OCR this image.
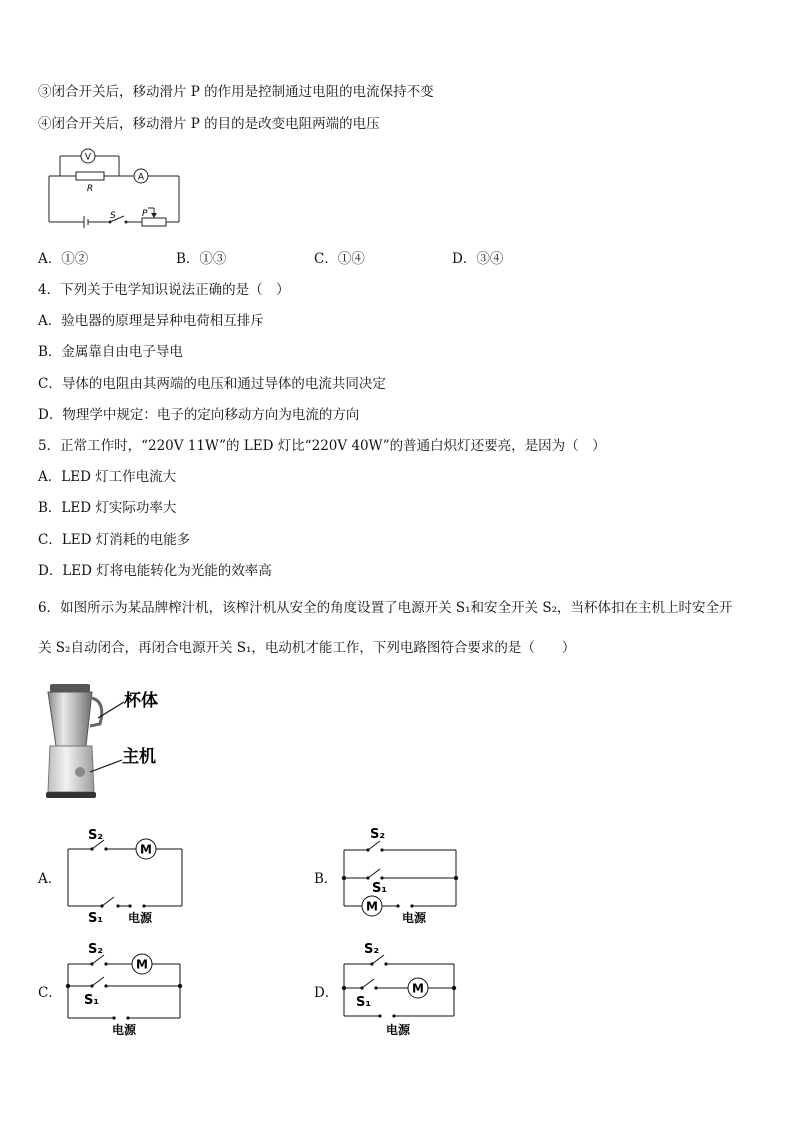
③闭合开关后，移动滑片 P 的作用是控制通过电阻的电流保持不变
④闭合开关后，移动滑片 P 的目的是改变电阻两端的电压
V
A
R
S	P
A．①②	B．①③	C．①④	D．③④
4．下列关于电学知识说法正确的是（　）
A．验电器的原理是异种电荷相互排斥
B．金属靠自由电子导电
C．导体的电阻由其两端的电压和通过导体的电流共同决定
D．物理学中规定：电子的定向移动方向为电流的方向
5．正常工作时，“220V 11W”的 LED 灯比“220V 40W”的普通白炽灯还要亮，是因为（　）
A．LED 灯工作电流大
B．LED 灯实际功率大
C．LED 灯消耗的电能多
D．LED 灯将电能转化为光能的效率高
6．如图所示为某品牌榨汁机，该榨汁机从安全的角度设置了电源开关 S₁和安全开关 S₂，当杯体扣在主机上时安全开
关 S₂自动闭合，再闭合电源开关 S₁，电动机才能工作，下列电路图符合要求的是（　　）
杯体
主机
A．
S₂
M
S₁ 电源
B．
S₂
S₁
M
电源
C．
S₂
M
S₁
电源
D．
S₂
S₁
M
电源
